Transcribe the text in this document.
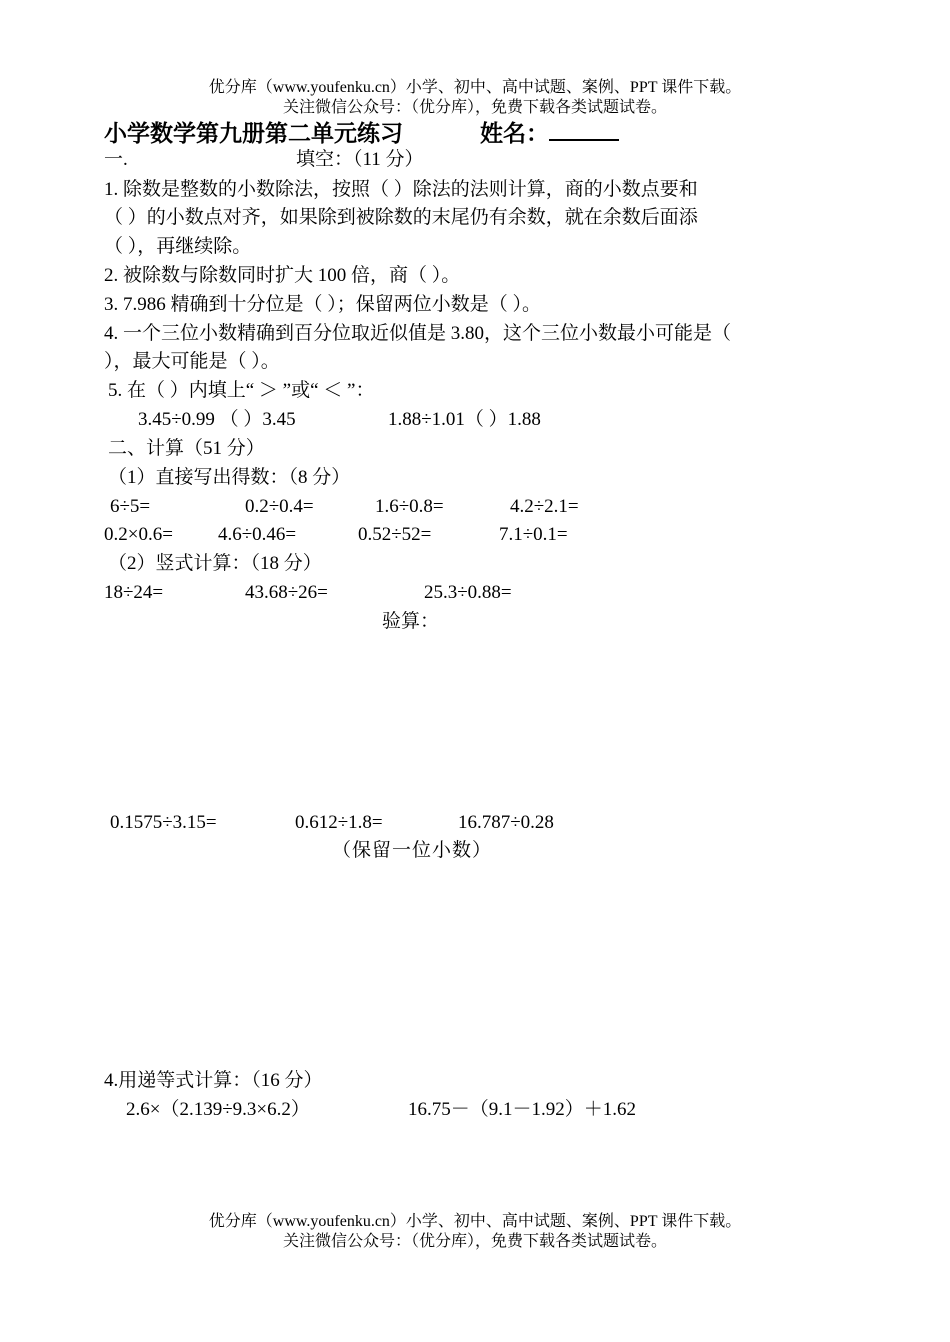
优分库（www.youfenku.cn）小学、初中、高中试题、案例、PPT 课件下载。
关注微信公众号：（优分库），免费下载各类试题试卷。
小学数学第九册第二单元练习	姓名：
一.	填空：（11 分）
1. 除数是整数的小数除法，按照（ ）除法的法则计算，商的小数点要和
（ ）的小数点对齐，如果除到被除数的末尾仍有余数，就在余数后面添
（ ），再继续除。
2. 被除数与除数同时扩大 100 倍，商（ ）。
3. 7.986 精确到十分位是（ ）；保留两位小数是（ ）。
4. 一个三位小数精确到百分位取近似值是 3.80，这个三位小数最小可能是（
），最大可能是（ ）。
5. 在（ ）内填上“ ＞ ”或“ ＜ ”：
3.45÷0.99 （ ）3.45	1.88÷1.01（ ）1.88
二、计算（51 分）
（1）直接写出得数：（8 分）
6÷5=	0.2÷0.4=	1.6÷0.8=	4.2÷2.1=
0.2×0.6= 4.6÷0.46=	0.52÷52=	7.1÷0.1=
（2）竖式计算：（18 分）
18÷24=	43.68÷26=	25.3÷0.88=
验算：
0.1575÷3.15=	0.612÷1.8=	16.787÷0.28
（保留一位小数）
4.用递等式计算：（16 分）
2.6×（2.139÷9.3×6.2）	16.75－（9.1－1.92）＋1.62
优分库（www.youfenku.cn）小学、初中、高中试题、案例、PPT 课件下载。
关注微信公众号：（优分库），免费下载各类试题试卷。
